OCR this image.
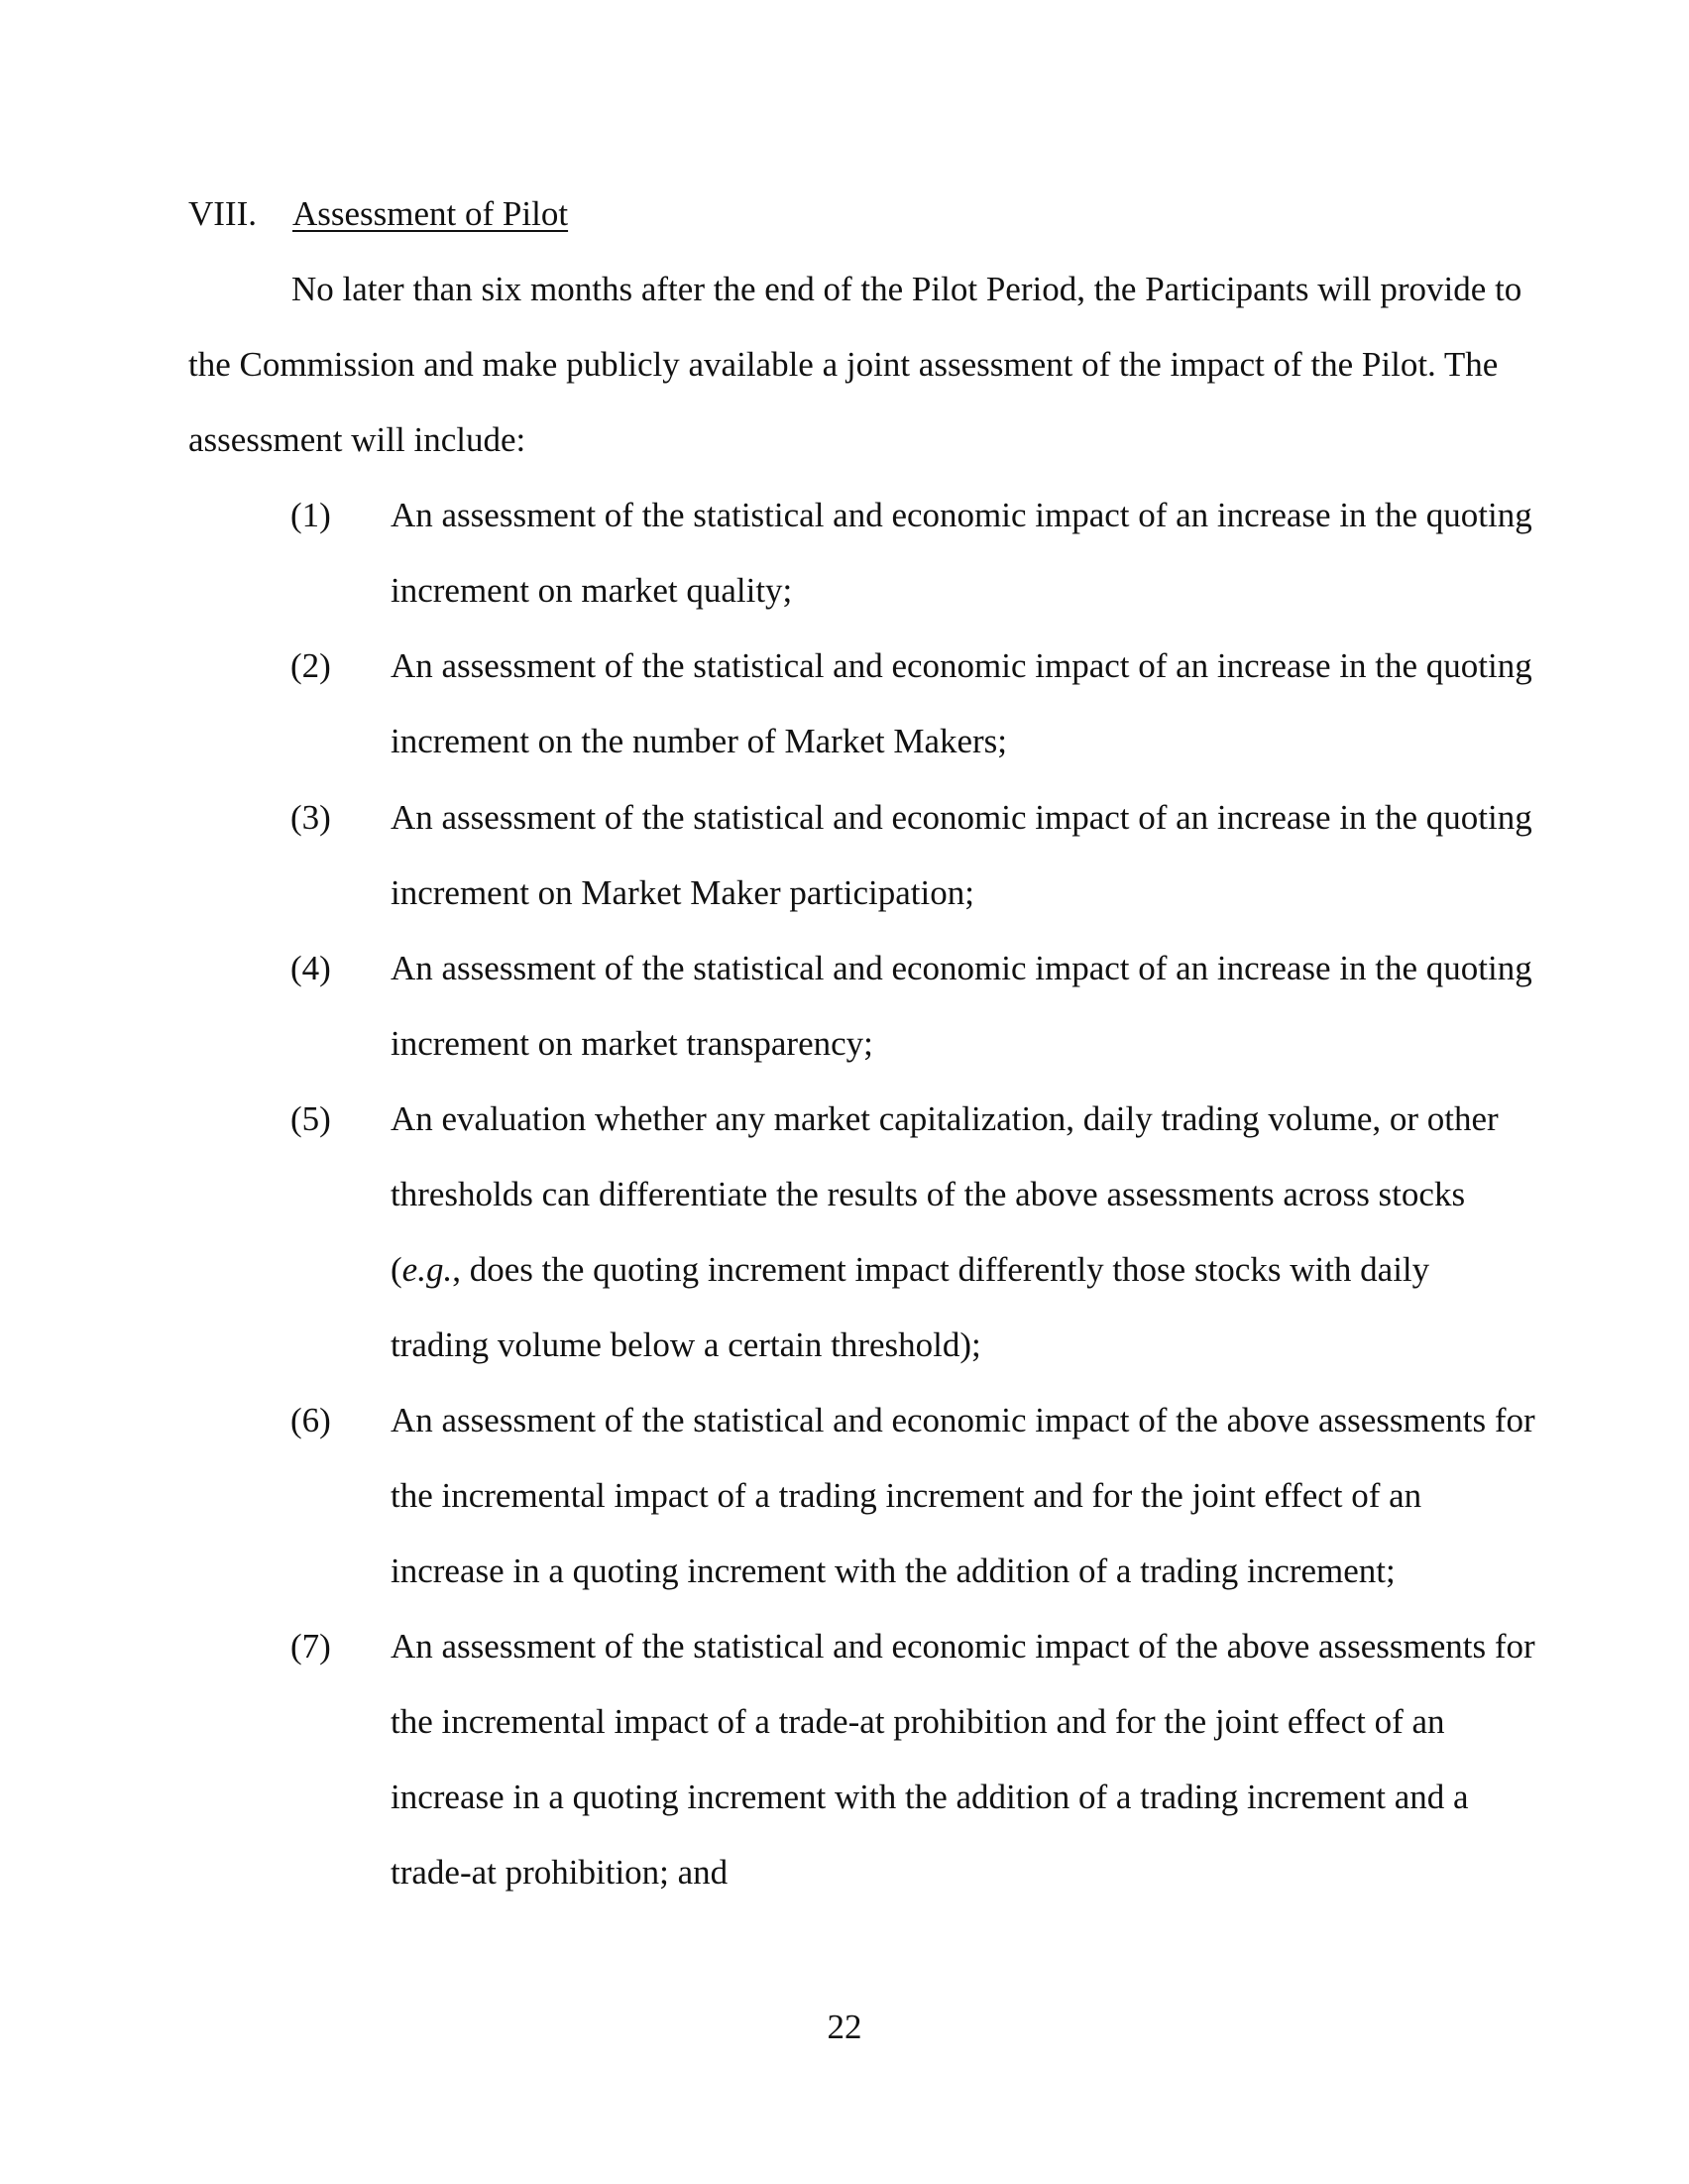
VIII. Assessment of Pilot
No later than six months after the end of the Pilot Period, the Participants will provide to
the Commission and make publicly available a joint assessment of the impact of the Pilot. The
assessment will include:
(1) An assessment of the statistical and economic impact of an increase in the quoting
increment on market quality;
(2) An assessment of the statistical and economic impact of an increase in the quoting
increment on the number of Market Makers;
(3) An assessment of the statistical and economic impact of an increase in the quoting
increment on Market Maker participation;
(4) An assessment of the statistical and economic impact of an increase in the quoting
increment on market transparency;
(5) An evaluation whether any market capitalization, daily trading volume, or other
thresholds can differentiate the results of the above assessments across stocks
(e.g., does the quoting increment impact differently those stocks with daily
trading volume below a certain threshold);
(6) An assessment of the statistical and economic impact of the above assessments for
the incremental impact of a trading increment and for the joint effect of an
increase in a quoting increment with the addition of a trading increment;
(7) An assessment of the statistical and economic impact of the above assessments for
the incremental impact of a trade-at prohibition and for the joint effect of an
increase in a quoting increment with the addition of a trading increment and a
trade-at prohibition; and
22
